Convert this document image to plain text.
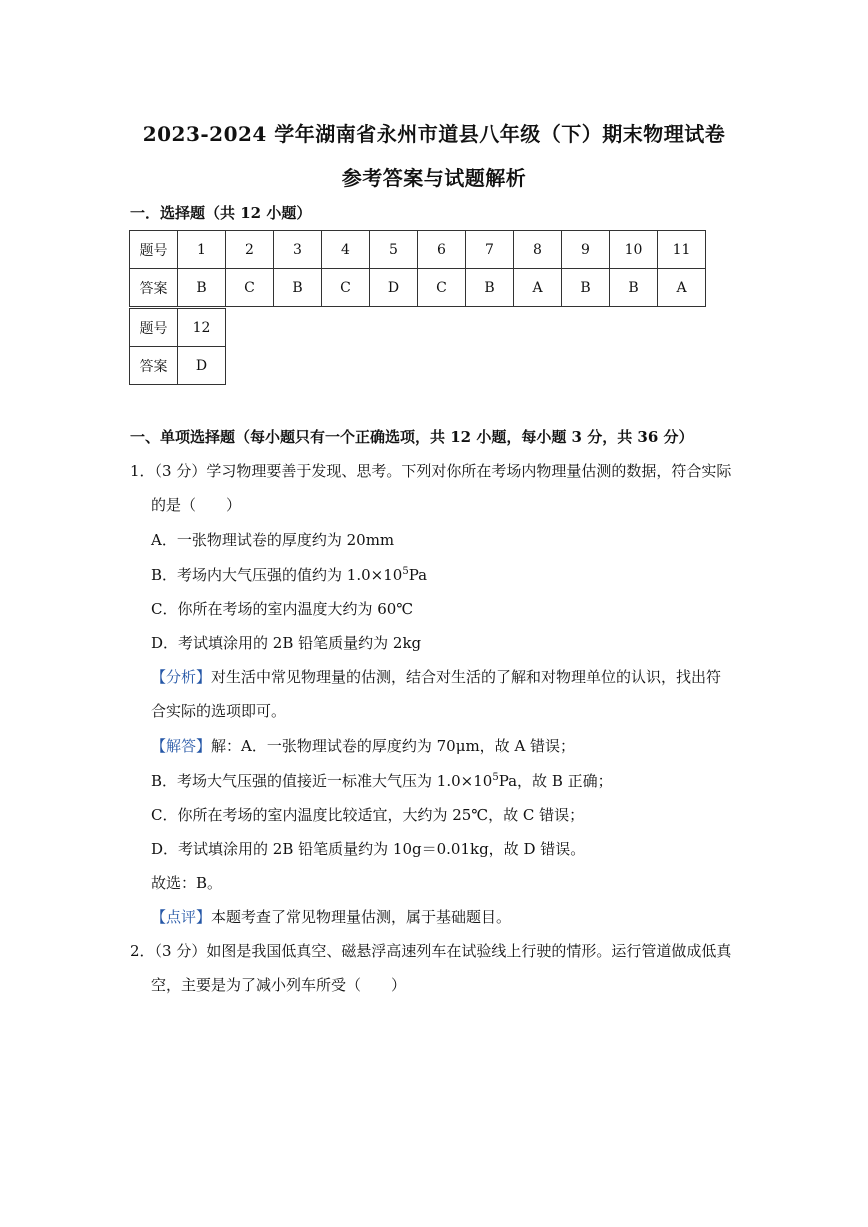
2023-2024 学年湖南省永州市道县八年级（下）期末物理试卷
参考答案与试题解析
一．选择题（共 12 小题）
题号	1	2	3	4	5	6	7	8	9	10	11
答案	B	C	B	C	D	C	B	A	B	B	A
题号	12
答案	D
一、单项选择题（每小题只有一个正确选项，共 12 小题，每小题 3 分，共 36 分）
1．（3 分）学习物理要善于发现、思考。下列对你所在考场内物理量估测的数据，符合实际
的是（　　）
A．一张物理试卷的厚度约为 20mm
B．考场内大气压强的值约为 $1.0\times 10^5Pa$
C．你所在考场的室内温度大约为 60℃
D．考试填涂用的 2B 铅笔质量约为 2kg
【分析】对生活中常见物理量的估测，结合对生活的了解和对物理单位的认识，找出符
合实际的选项即可。
【解答】解：A．一张物理试卷的厚度约为 70μm，故 A 错误；
B．考场大气压强的值接近一标准大气压为 $1.0\times 10^5Pa$，故 B 正确；
C．你所在考场的室内温度比较适宜，大约为 25℃，故 C 错误；
D．考试填涂用的 2B 铅笔质量约为 10g＝0.01kg，故 D 错误。
故选：B。
【点评】本题考查了常见物理量估测，属于基础题目。
2．（3 分）如图是我国低真空、磁悬浮高速列车在试验线上行驶的情形。运行管道做成低真
空，主要是为了减小列车所受（　　）
